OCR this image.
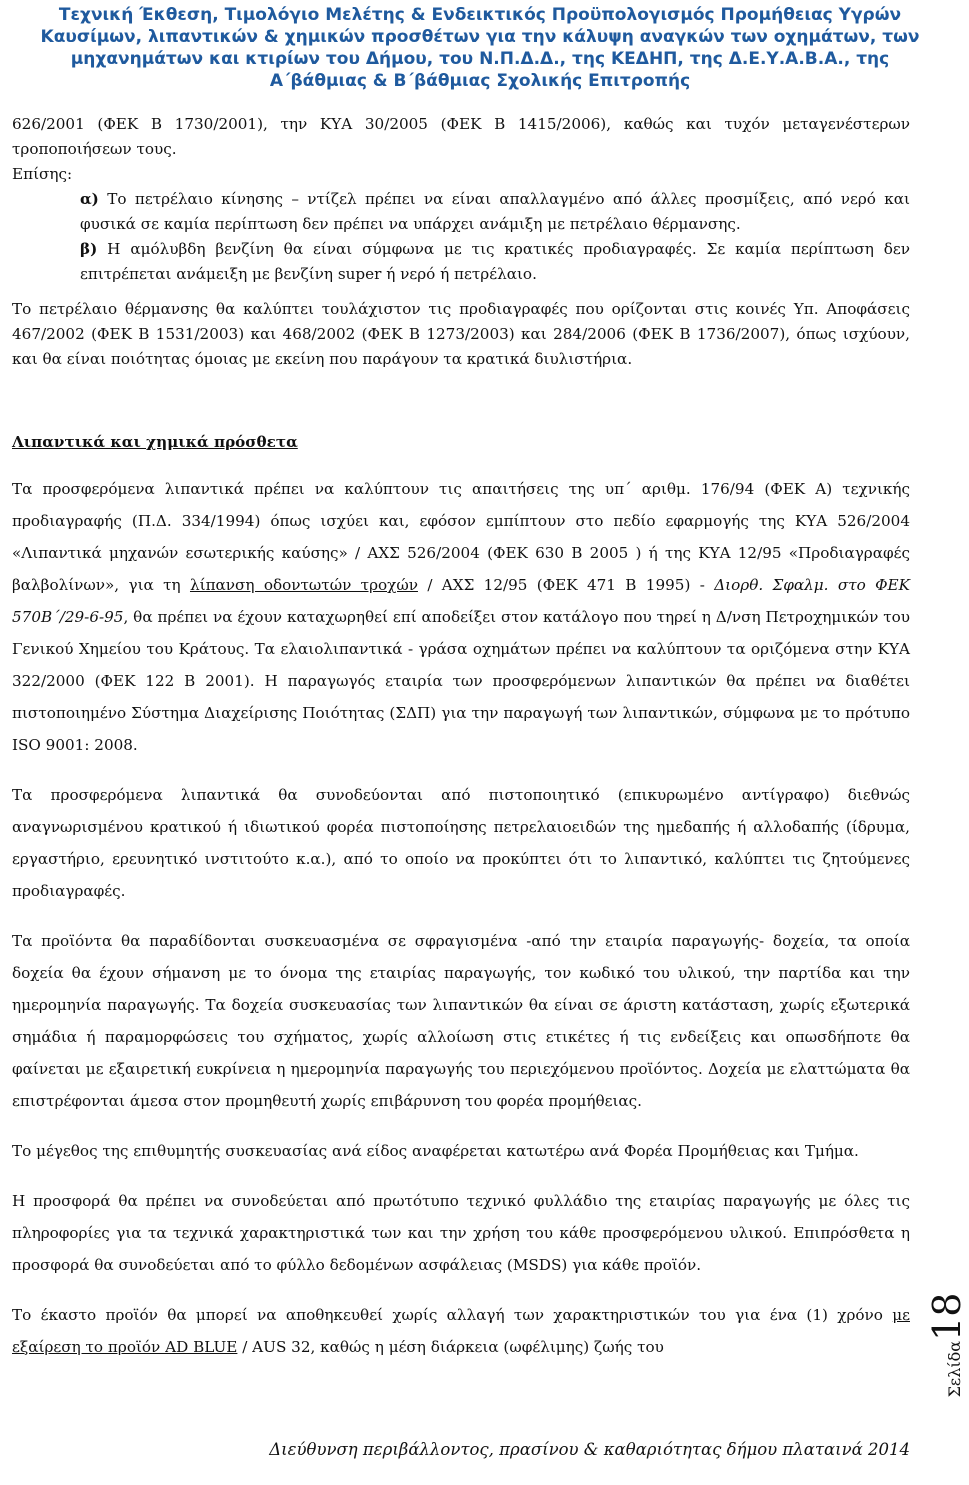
Τεχνική Έκθεση, Τιμολόγιο Μελέτης & Ενδεικτικός Προϋπολογισμός Προμήθειας Υγρών
Καυσίμων, λιπαντικών & χημικών προσθέτων για την κάλυψη αναγκών των οχημάτων, των
μηχανημάτων και κτιρίων του Δήμου, του Ν.Π.Δ.Δ., της ΚΕΔΗΠ, της Δ.Ε.Υ.Α.Β.Α., της
Α΄βάθμιας & Β΄βάθμιας Σχολικής Επιτροπής

626/2001 (ΦΕΚ Β 1730/2001), την ΚΥΑ 30/2005 (ΦΕΚ Β 1415/2006), καθώς και τυχόν μεταγενέστερων τροποποιήσεων τους.

Επίσης:

α) Το πετρέλαιο κίνησης – ντίζελ πρέπει να είναι απαλλαγμένο από άλλες προσμίξεις, από νερό και φυσικά σε καμία περίπτωση δεν πρέπει να υπάρχει ανάμιξη με πετρέλαιο θέρμανσης.

β) Η αμόλυβδη βενζίνη θα είναι σύμφωνα με τις κρατικές προδιαγραφές. Σε καμία περίπτωση δεν επιτρέπεται ανάμειξη με βενζίνη super ή νερό ή πετρέλαιο.

Το πετρέλαιο θέρμανσης θα καλύπτει τουλάχιστον τις προδιαγραφές που ορίζονται στις κοινές Υπ. Αποφάσεις 467/2002 (ΦΕΚ Β 1531/2003) και 468/2002 (ΦΕΚ Β 1273/2003) και 284/2006 (ΦΕΚ Β 1736/2007), όπως ισχύουν, και θα είναι ποιότητας όμοιας με εκείνη που παράγουν τα κρατικά διυλιστήρια.

Λιπαντικά και χημικά πρόσθετα

Τα προσφερόμενα λιπαντικά πρέπει να καλύπτουν τις απαιτήσεις της υπ΄ αριθμ. 176/94 (ΦΕΚ Α) τεχνικής προδιαγραφής (Π.Δ. 334/1994) όπως ισχύει και, εφόσον εμπίπτουν στο πεδίο εφαρμογής της ΚΥΑ 526/2004 «Λιπαντικά μηχανών εσωτερικής καύσης» / ΑΧΣ 526/2004 (ΦΕΚ 630 Β 2005 ) ή της ΚΥΑ 12/95 «Προδιαγραφές βαλβολίνων», για τη λίπανση οδοντωτών τροχών / ΑΧΣ 12/95 (ΦΕΚ 471 Β 1995) - Διορθ. Σφαλμ. στο ΦΕΚ 570Β΄/29-6-95, θα πρέπει να έχουν καταχωρηθεί επί αποδείξει στον κατάλογο που τηρεί η Δ/νση Πετροχημικών του Γενικού Χημείου του Κράτους. Τα ελαιολιπαντικά - γράσα οχημάτων πρέπει να καλύπτουν τα οριζόμενα στην ΚΥΑ 322/2000 (ΦΕΚ 122 Β 2001). Η παραγωγός εταιρία των προσφερόμενων λιπαντικών θα πρέπει να διαθέτει πιστοποιημένο Σύστημα Διαχείρισης Ποιότητας (ΣΔΠ) για την παραγωγή των λιπαντικών, σύμφωνα με το πρότυπο ISO 9001: 2008.

Τα προσφερόμενα λιπαντικά θα συνοδεύονται από πιστοποιητικό (επικυρωμένο αντίγραφο) διεθνώς αναγνωρισμένου κρατικού ή ιδιωτικού φορέα πιστοποίησης πετρελαιοειδών της ημεδαπής ή αλλοδαπής (ίδρυμα, εργαστήριο, ερευνητικό ινστιτούτο κ.α.), από το οποίο να προκύπτει ότι το λιπαντικό, καλύπτει τις ζητούμενες προδιαγραφές.

Τα προϊόντα θα παραδίδονται συσκευασμένα σε σφραγισμένα -από την εταιρία παραγωγής- δοχεία, τα οποία δοχεία θα έχουν σήμανση με το όνομα της εταιρίας παραγωγής, τον κωδικό του υλικού, την παρτίδα και την ημερομηνία παραγωγής. Τα δοχεία συσκευασίας των λιπαντικών θα είναι σε άριστη κατάσταση, χωρίς εξωτερικά σημάδια ή παραμορφώσεις του σχήματος, χωρίς αλλοίωση στις ετικέτες ή τις ενδείξεις και οπωσδήποτε θα φαίνεται με εξαιρετική ευκρίνεια η ημερομηνία παραγωγής του περιεχόμενου προϊόντος. Δοχεία με ελαττώματα θα επιστρέφονται άμεσα στον προμηθευτή χωρίς επιβάρυνση του φορέα προμήθειας.

Το μέγεθος της επιθυμητής συσκευασίας ανά είδος αναφέρεται κατωτέρω ανά Φορέα Προμήθειας και Τμήμα.

Η προσφορά θα πρέπει να συνοδεύεται από πρωτότυπο τεχνικό φυλλάδιο της εταιρίας παραγωγής με όλες τις πληροφορίες για τα τεχνικά χαρακτηριστικά των και την χρήση του κάθε προσφερόμενου υλικού. Επιπρόσθετα η προσφορά θα συνοδεύεται από το φύλλο δεδομένων ασφάλειας (MSDS) για κάθε προϊόν.

Το έκαστο προϊόν θα μπορεί να αποθηκευθεί χωρίς αλλαγή των χαρακτηριστικών του για ένα (1) χρόνο με εξαίρεση το προϊόν AD BLUE / AUS 32, καθώς η μέση διάρκεια (ωφέλιμης) ζωής του	Σελίδα18
Διεύθυνση περιβάλλοντος, πρασίνου & καθαριότητας δήμου πλαταινά 2014
